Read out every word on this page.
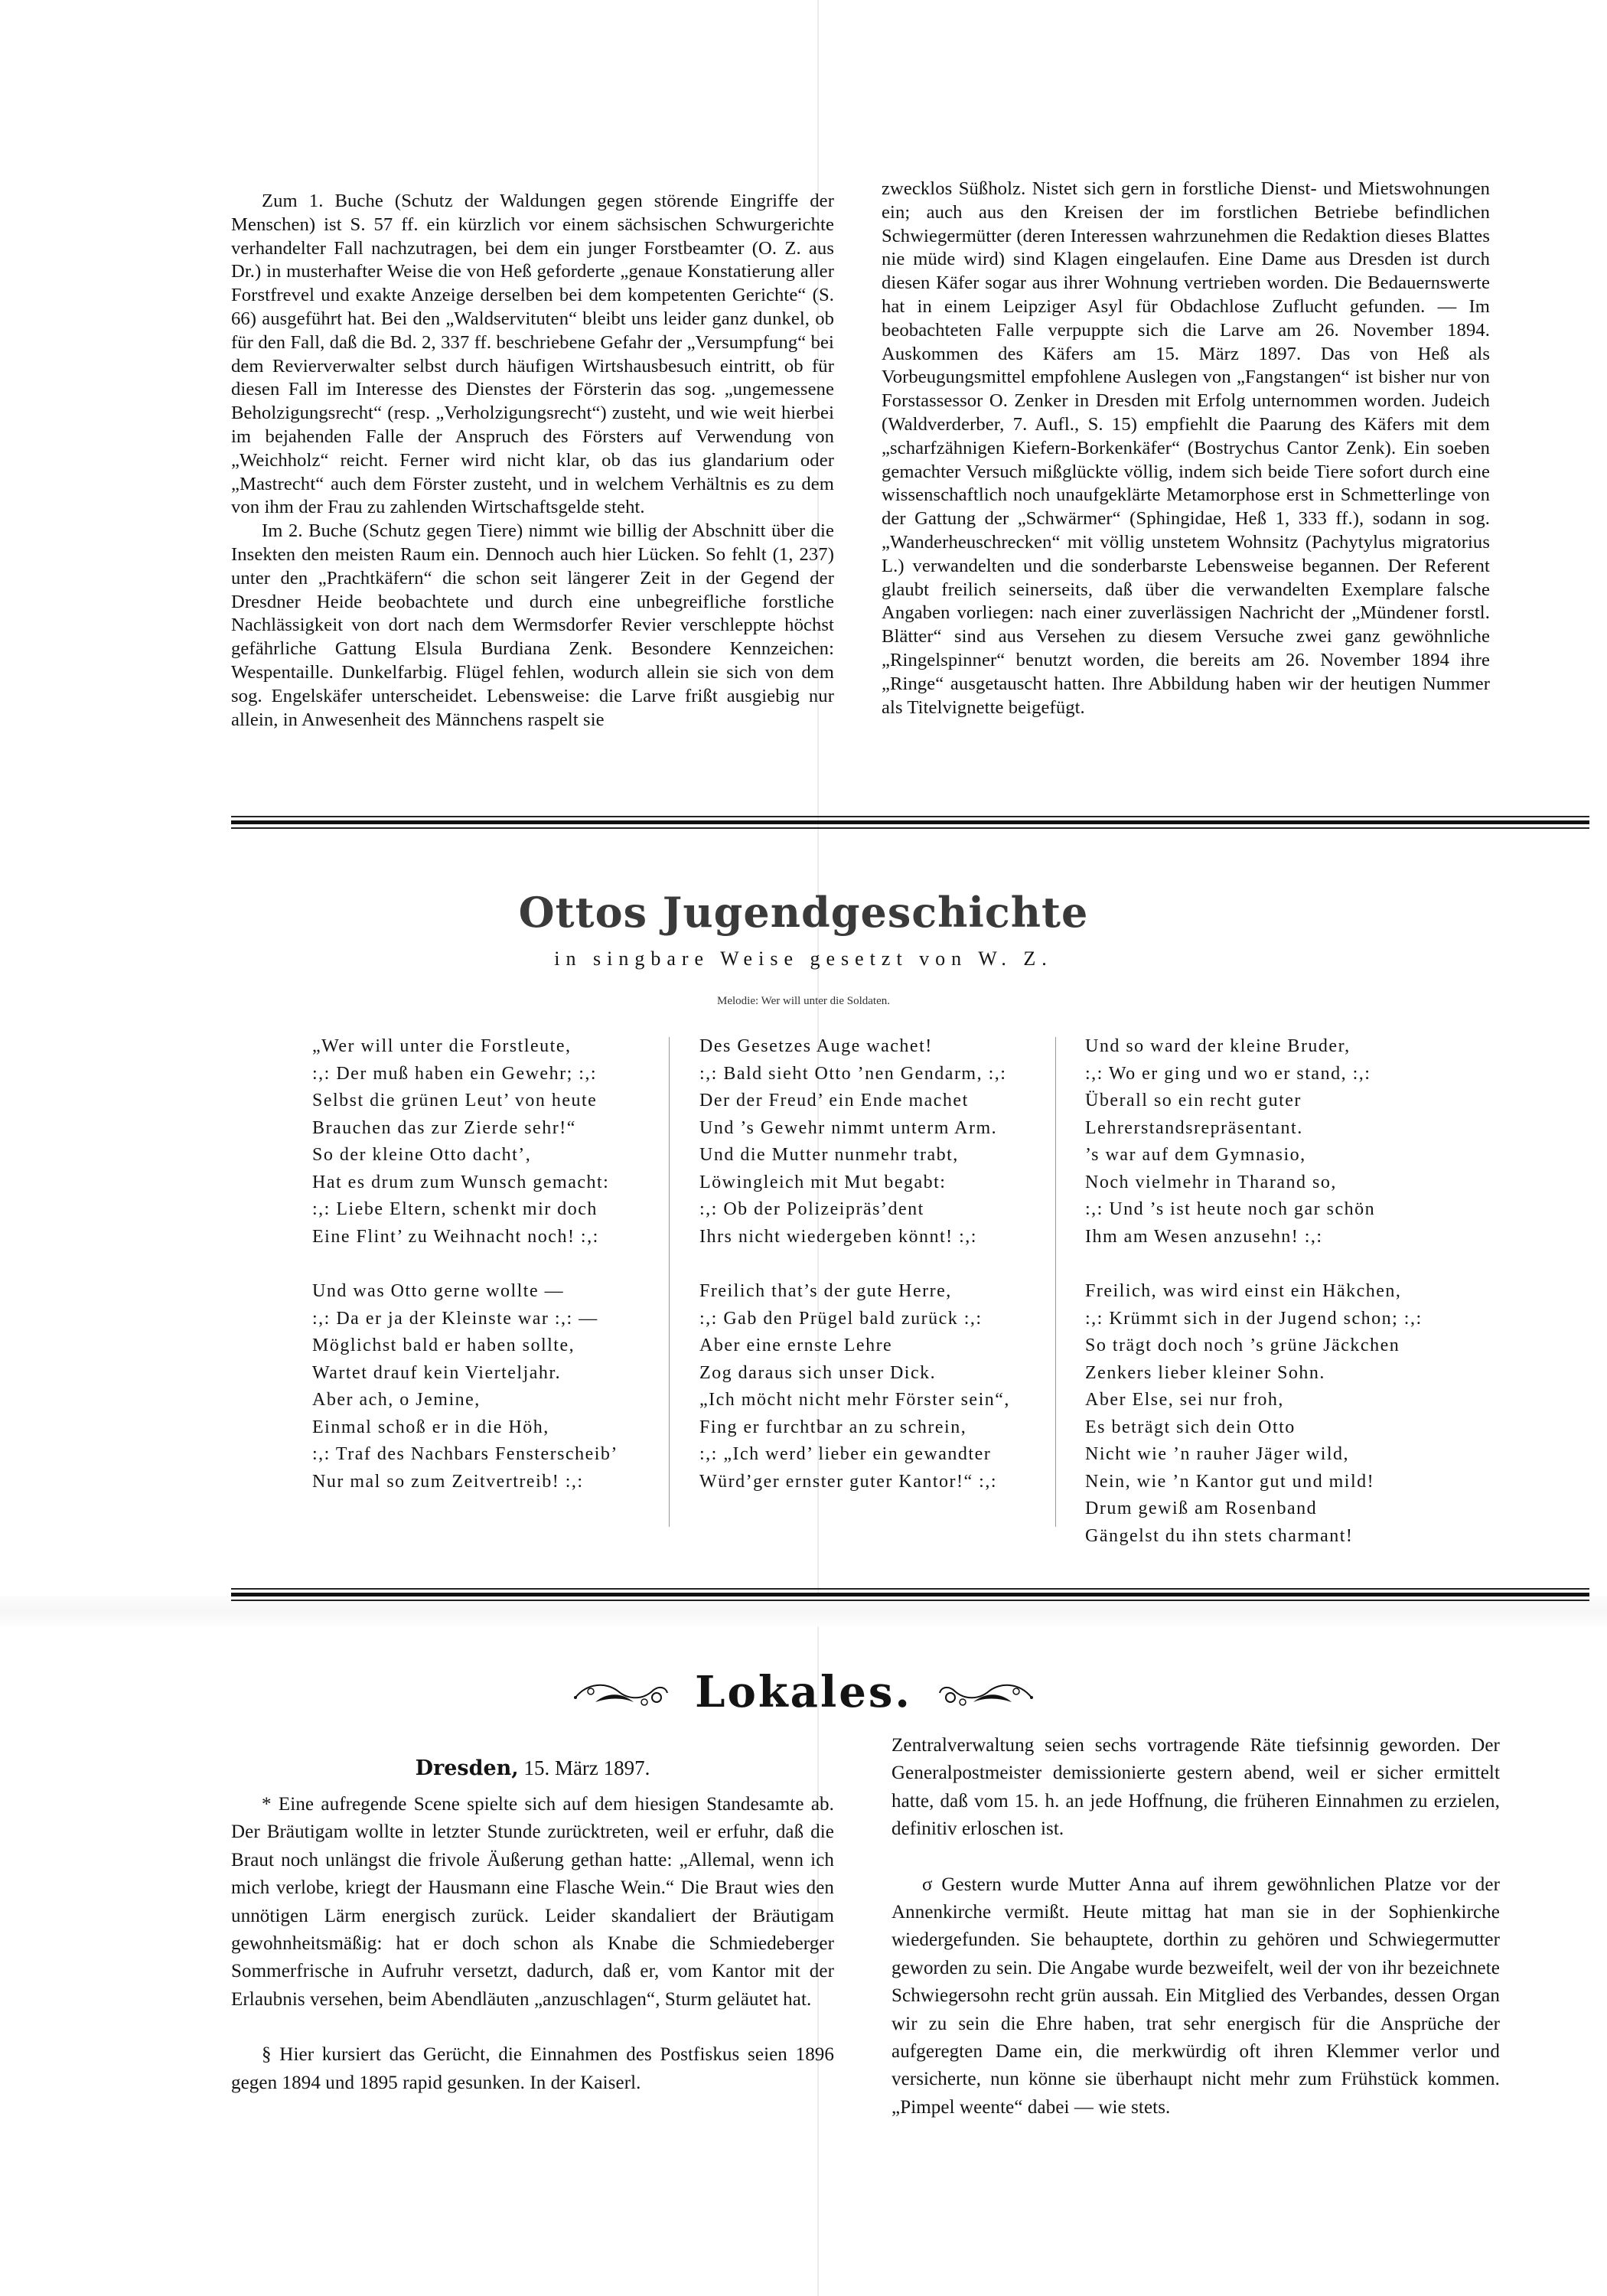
Zum 1. Buche (Schutz der Waldungen gegen störende Eingriffe der Menschen) ist S. 57 ff. ein kürzlich vor einem sächsischen Schwurgerichte verhandelter Fall nachzutragen, bei dem ein junger Forstbeamter (O. Z. aus Dr.) in musterhafter Weise die von Heß geforderte „genaue Konstatierung aller Forstfrevel und exakte Anzeige derselben bei dem kompetenten Gerichte“ (S. 66) ausgeführt hat. Bei den „Waldservituten“ bleibt uns leider ganz dunkel, ob für den Fall, daß die Bd. 2, 337 ff. beschriebene Gefahr der „Versumpfung“ bei dem Revierverwalter selbst durch häufigen Wirtshausbesuch eintritt, ob für diesen Fall im Interesse des Dienstes der Försterin das sog. „ungemessene Beholzigungsrecht“ (resp. „Verholzigungsrecht“) zusteht, und wie weit hierbei im bejahenden Falle der Anspruch des Försters auf Verwendung von „Weichholz“ reicht. Ferner wird nicht klar, ob das ius glandarium oder „Mastrecht“ auch dem Förster zusteht, und in welchem Verhältnis es zu dem von ihm der Frau zu zahlenden Wirtschaftsgelde steht.

Im 2. Buche (Schutz gegen Tiere) nimmt wie billig der Abschnitt über die Insekten den meisten Raum ein. Dennoch auch hier Lücken. So fehlt (1, 237) unter den „Prachtkäfern“ die schon seit längerer Zeit in der Gegend der Dresdner Heide beobachtete und durch eine unbegreifliche forstliche Nachlässigkeit von dort nach dem Wermsdorfer Revier verschleppte höchst gefährliche Gattung Elsula Burdiana Zenk. Besondere Kennzeichen: Wespentaille. Dunkelfarbig. Flügel fehlen, wodurch allein sie sich von dem sog. Engelskäfer unterscheidet. Lebensweise: die Larve frißt ausgiebig nur allein, in Anwesenheit des Männchens raspelt sie

zwecklos Süßholz. Nistet sich gern in forstliche Dienst- und Mietswohnungen ein; auch aus den Kreisen der im forstlichen Betriebe befindlichen Schwiegermütter (deren Interessen wahrzunehmen die Redaktion dieses Blattes nie müde wird) sind Klagen eingelaufen. Eine Dame aus Dresden ist durch diesen Käfer sogar aus ihrer Wohnung vertrieben worden. Die Bedauernswerte hat in einem Leipziger Asyl für Obdachlose Zuflucht gefunden. — Im beobachteten Falle verpuppte sich die Larve am 26. November 1894. Auskommen des Käfers am 15. März 1897. Das von Heß als Vorbeugungsmittel empfohlene Auslegen von „Fangstangen“ ist bisher nur von Forstassessor O. Zenker in Dresden mit Erfolg unternommen worden. Judeich (Waldverderber, 7. Aufl., S. 15) empfiehlt die Paarung des Käfers mit dem „scharfzähnigen Kiefern-Borkenkäfer“ (Bostrychus Cantor Zenk). Ein soeben gemachter Versuch mißglückte völlig, indem sich beide Tiere sofort durch eine wissenschaftlich noch unaufgeklärte Metamorphose erst in Schmetterlinge von der Gattung der „Schwärmer“ (Sphingidae, Heß 1, 333 ff.), sodann in sog. „Wanderheuschrecken“ mit völlig unstetem Wohnsitz (Pachytylus migratorius L.) verwandelten und die sonderbarste Lebensweise begannen. Der Referent glaubt freilich seinerseits, daß über die verwandelten Exemplare falsche Angaben vorliegen: nach einer zuverlässigen Nachricht der „Mündener forstl. Blätter“ sind aus Versehen zu diesem Versuche zwei ganz gewöhnliche „Ringelspinner“ benutzt worden, die bereits am 26. November 1894 ihre „Ringe“ ausgetauscht hatten. Ihre Abbildung haben wir der heutigen Nummer als Titelvignette beigefügt.

Ottos Jugendgeschichte
in singbare Weise gesetzt von W. Z.
Melodie: Wer will unter die Soldaten.
„Wer will unter die Forstleute,
:,: Der muß haben ein Gewehr; :,:
Selbst die grünen Leut’ von heute
Brauchen das zur Zierde sehr!“
So der kleine Otto dacht’,
Hat es drum zum Wunsch gemacht:
:,: Liebe Eltern, schenkt mir doch
Eine Flint’ zu Weihnacht noch! :,:
Und was Otto gerne wollte —
:,: Da er ja der Kleinste war :,: —
Möglichst bald er haben sollte,
Wartet drauf kein Vierteljahr.
Aber ach, o Jemine,
Einmal schoß er in die Höh,
:,: Traf des Nachbars Fensterscheib’
Nur mal so zum Zeitvertreib! :,:
Des Gesetzes Auge wachet!
:,: Bald sieht Otto ’nen Gendarm, :,:
Der der Freud’ ein Ende machet
Und ’s Gewehr nimmt unterm Arm.
Und die Mutter nunmehr trabt,
Löwingleich mit Mut begabt:
:,: Ob der Polizeipräs’dent
Ihrs nicht wiedergeben könnt! :,:
Freilich that’s der gute Herre,
:,: Gab den Prügel bald zurück :,:
Aber eine ernste Lehre
Zog daraus sich unser Dick.
„Ich möcht nicht mehr Förster sein“,
Fing er furchtbar an zu schrein,
:,: „Ich werd’ lieber ein gewandter
Würd’ger ernster guter Kantor!“ :,:
Und so ward der kleine Bruder,
:,: Wo er ging und wo er stand, :,:
Überall so ein recht guter
Lehrerstandsrepräsentant.
’s war auf dem Gymnasio,
Noch vielmehr in Tharand so,
:,: Und ’s ist heute noch gar schön
Ihm am Wesen anzusehn! :,:
Freilich, was wird einst ein Häkchen,
:,: Krümmt sich in der Jugend schon; :,:
So trägt doch noch ’s grüne Jäckchen
Zenkers lieber kleiner Sohn.
Aber Else, sei nur froh,
Es beträgt sich dein Otto
Nicht wie ’n rauher Jäger wild,
Nein, wie ’n Kantor gut und mild!
Drum gewiß am Rosenband
Gängelst du ihn stets charmant!
Lokales.
Dresden, 15. März 1897.

* Eine aufregende Scene spielte sich auf dem hiesigen Standesamte ab. Der Bräutigam wollte in letzter Stunde zurücktreten, weil er erfuhr, daß die Braut noch unlängst die frivole Äußerung gethan hatte: „Allemal, wenn ich mich verlobe, kriegt der Hausmann eine Flasche Wein.“ Die Braut wies den unnötigen Lärm energisch zurück. Leider skandaliert der Bräutigam gewohnheitsmäßig: hat er doch schon als Knabe die Schmiedeberger Sommerfrische in Aufruhr versetzt, dadurch, daß er, vom Kantor mit der Erlaubnis versehen, beim Abendläuten „anzuschlagen“, Sturm geläutet hat.

§ Hier kursiert das Gerücht, die Einnahmen des Postfiskus seien 1896 gegen 1894 und 1895 rapid gesunken. In der Kaiserl.

Zentralverwaltung seien sechs vortragende Räte tiefsinnig geworden. Der Generalpostmeister demissionierte gestern abend, weil er sicher ermittelt hatte, daß vom 15. h. an jede Hoffnung, die früheren Einnahmen zu erzielen, definitiv erloschen ist.

σ Gestern wurde Mutter Anna auf ihrem gewöhnlichen Platze vor der Annenkirche vermißt. Heute mittag hat man sie in der Sophienkirche wiedergefunden. Sie behauptete, dorthin zu gehören und Schwiegermutter geworden zu sein. Die Angabe wurde bezweifelt, weil der von ihr bezeichnete Schwiegersohn recht grün aussah. Ein Mitglied des Verbandes, dessen Organ wir zu sein die Ehre haben, trat sehr energisch für die Ansprüche der aufgeregten Dame ein, die merkwürdig oft ihren Klemmer verlor und versicherte, nun könne sie überhaupt nicht mehr zum Frühstück kommen. „Pimpel weente“ dabei — wie stets.
